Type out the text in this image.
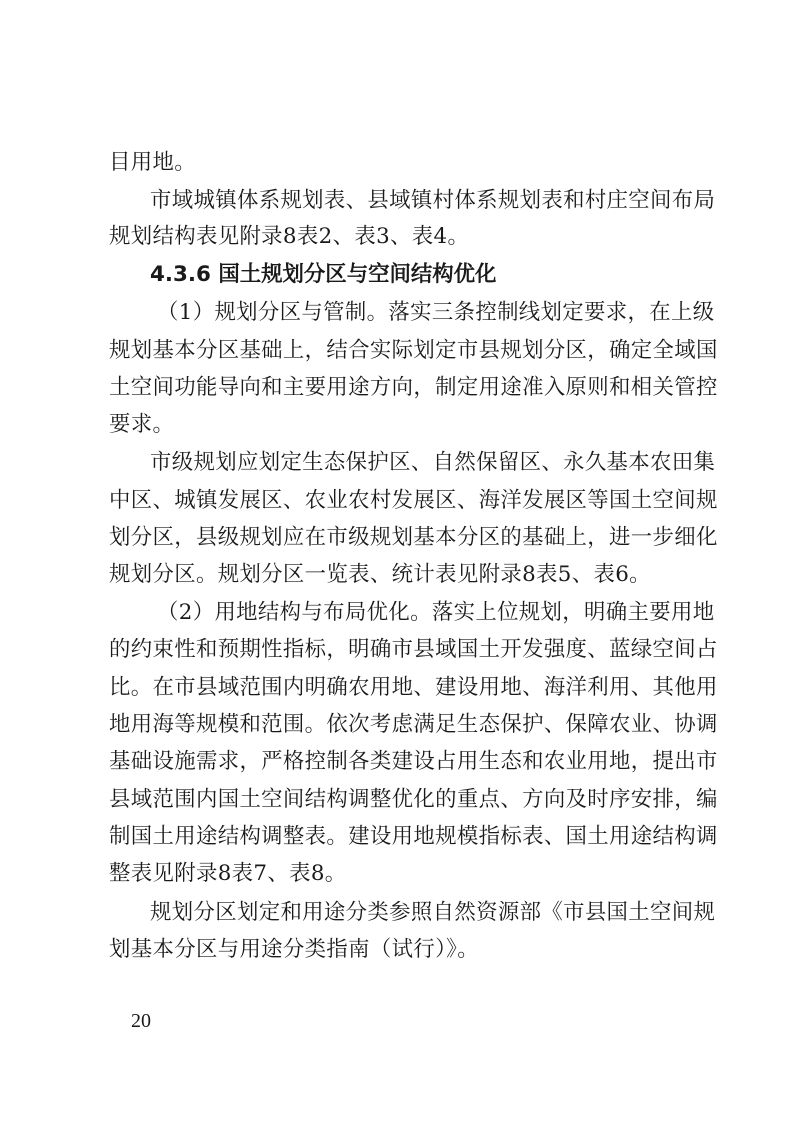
目用地。
市域城镇体系规划表、县域镇村体系规划表和村庄空间布局
规划结构表见附录8表2、表3、表4。
4.3.6 国土规划分区与空间结构优化
（1）规划分区与管制。落实三条控制线划定要求，在上级
规划基本分区基础上，结合实际划定市县规划分区，确定全域国
土空间功能导向和主要用途方向，制定用途准入原则和相关管控
要求。
市级规划应划定生态保护区、自然保留区、永久基本农田集
中区、城镇发展区、农业农村发展区、海洋发展区等国土空间规
划分区，县级规划应在市级规划基本分区的基础上，进一步细化
规划分区。规划分区一览表、统计表见附录8表5、表6。
（2）用地结构与布局优化。落实上位规划，明确主要用地
的约束性和预期性指标，明确市县域国土开发强度、蓝绿空间占
比。在市县域范围内明确农用地、建设用地、海洋利用、其他用
地用海等规模和范围。依次考虑满足生态保护、保障农业、协调
基础设施需求，严格控制各类建设占用生态和农业用地，提出市
县域范围内国土空间结构调整优化的重点、方向及时序安排，编
制国土用途结构调整表。建设用地规模指标表、国土用途结构调
整表见附录8表7、表8。
规划分区划定和用途分类参照自然资源部《市县国土空间规
划基本分区与用途分类指南（试行）》。
20
